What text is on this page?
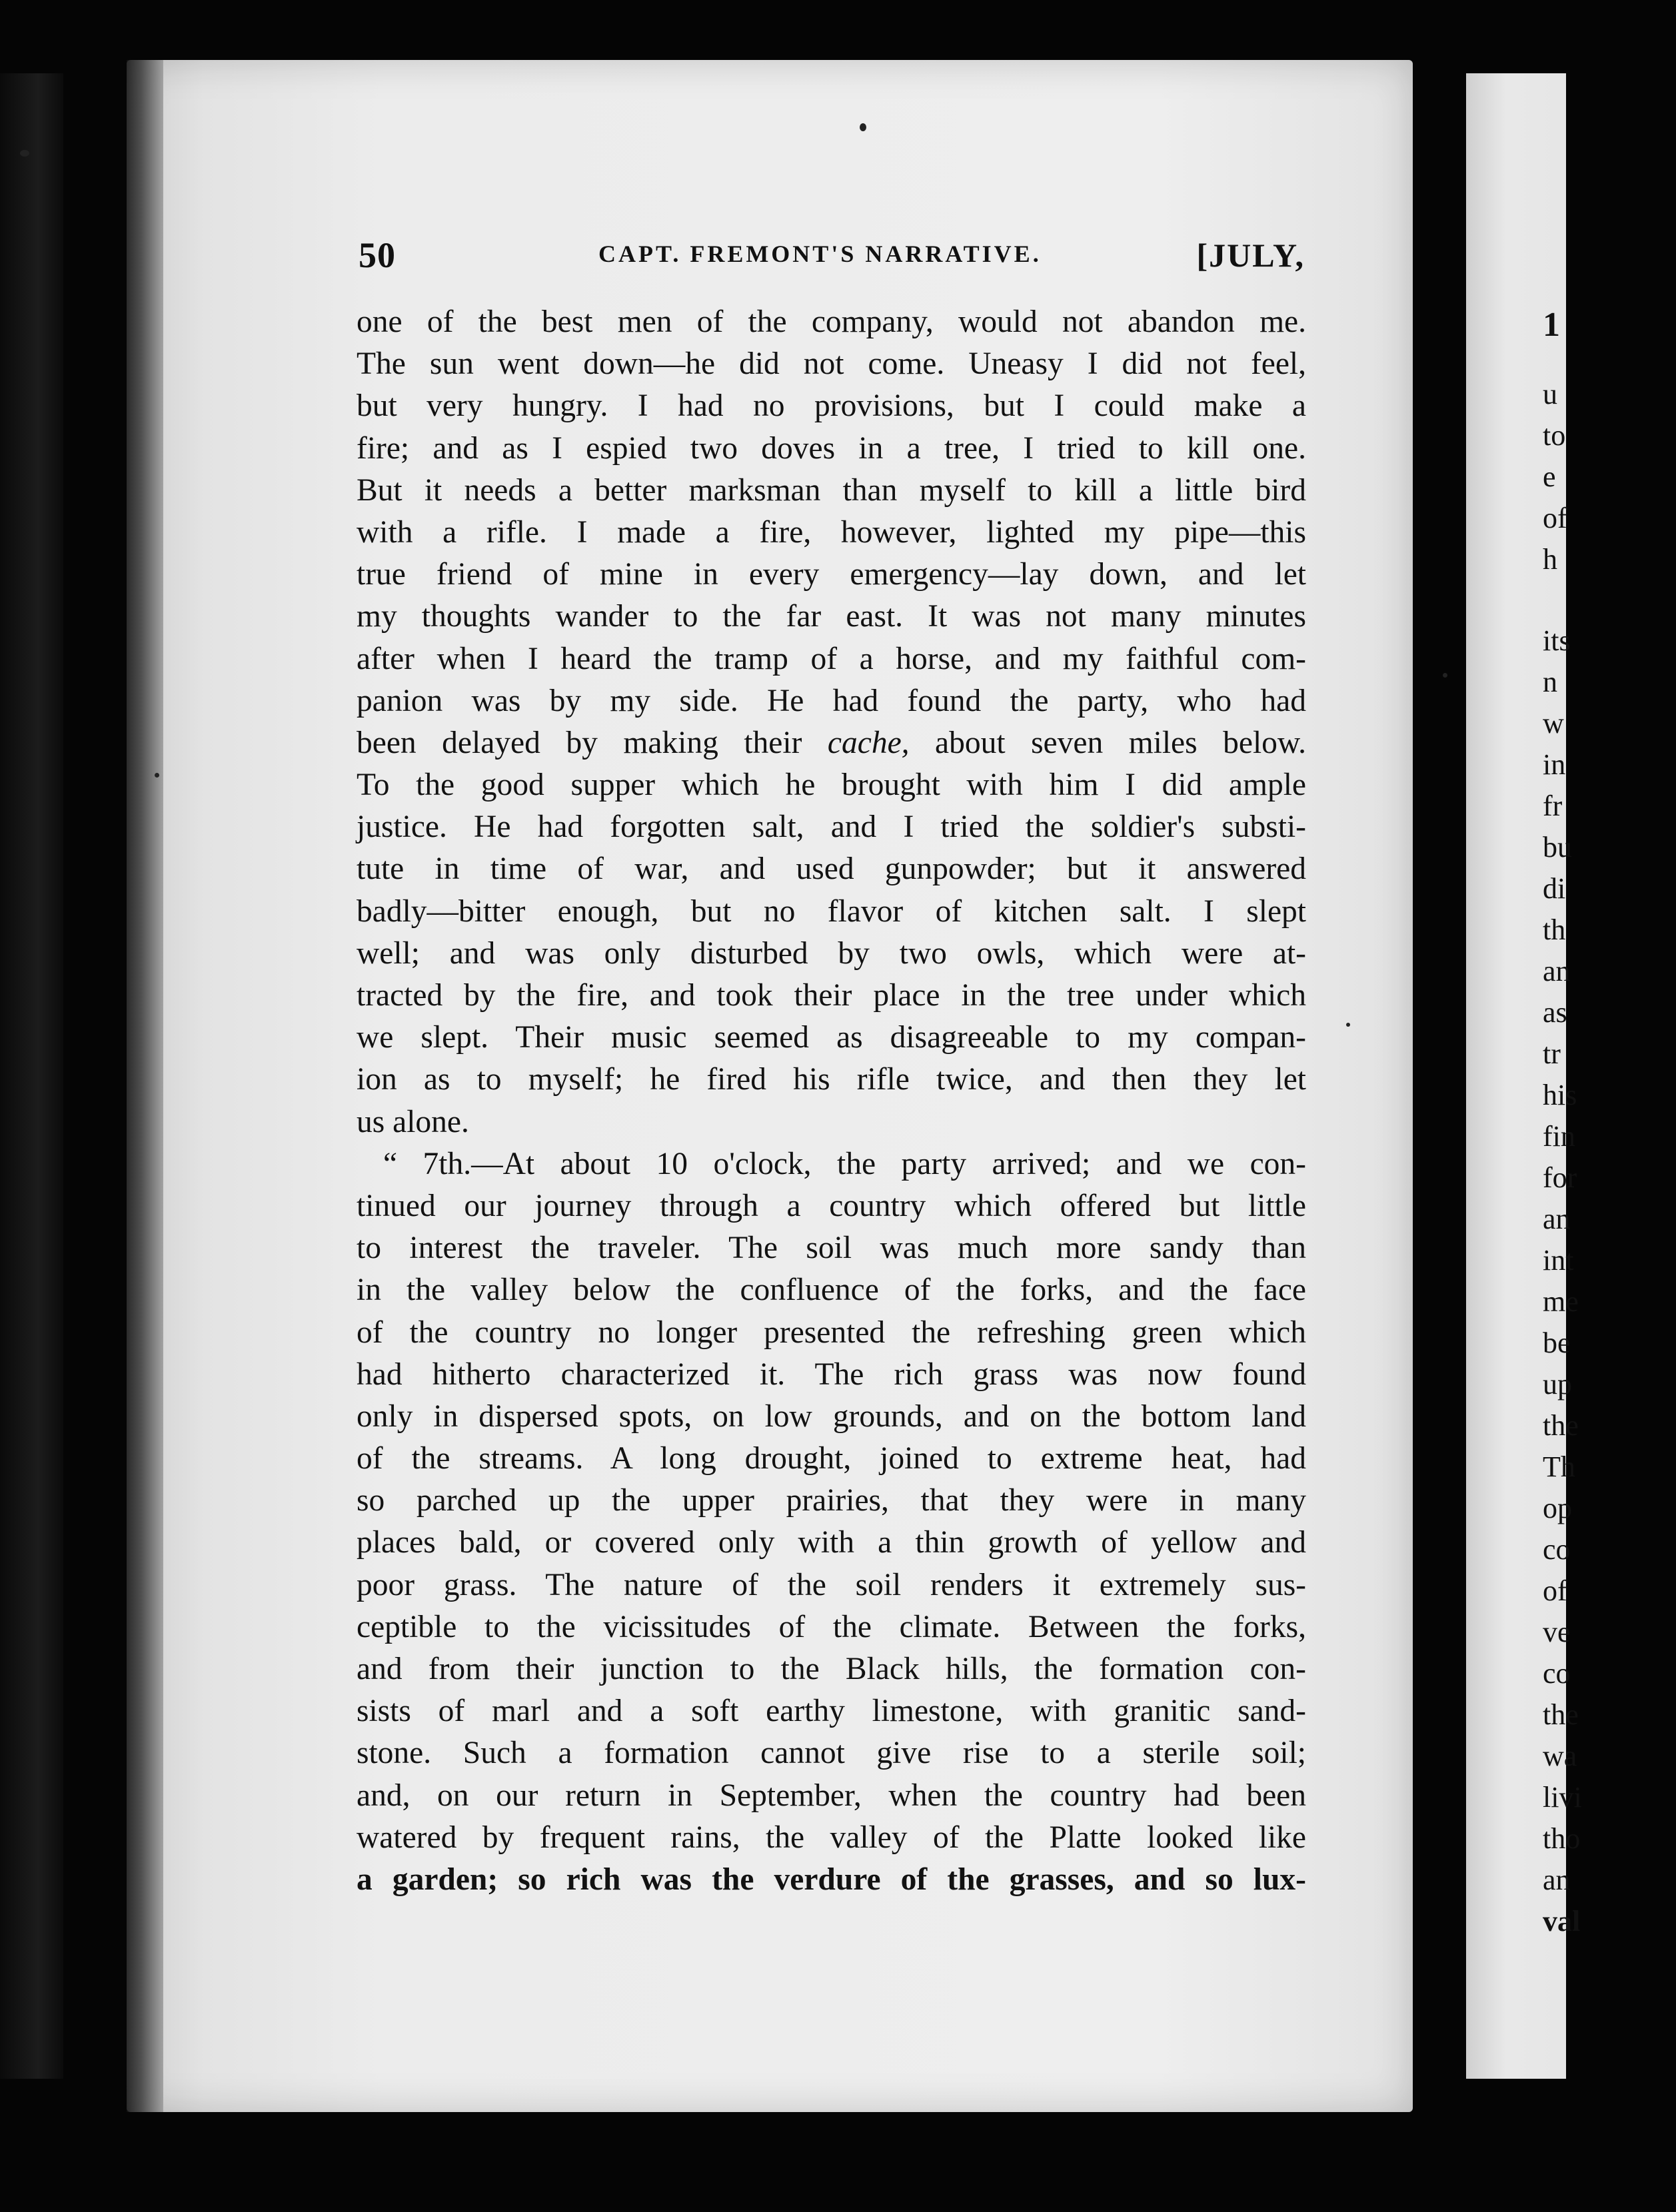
1
u
to
e
of
h
its
n
w
in
fr
bu
di
th
an
as
tr
his
fin
for
an
int
me
be
up
the
Th
op
co
of
ve
co
the
wa
livi
tho
an
val
50	CAPT. FREMONT'S NARRATIVE.	[JULY,
one of the best men of the company, would not abandon me.
The sun went down—he did not come. Uneasy I did not feel,
but very hungry. I had no provisions, but I could make a
fire; and as I espied two doves in a tree, I tried to kill one.
But it needs a better marksman than myself to kill a little bird
with a rifle. I made a fire, however, lighted my pipe—this
true friend of mine in every emergency—lay down, and let
my thoughts wander to the far east. It was not many minutes
after when I heard the tramp of a horse, and my faithful com-
panion was by my side. He had found the party, who had
been delayed by making their cache, about seven miles below.
To the good supper which he brought with him I did ample
justice. He had forgotten salt, and I tried the soldier's substi-
tute in time of war, and used gunpowder; but it answered
badly—bitter enough, but no flavor of kitchen salt. I slept
well; and was only disturbed by two owls, which were at-
tracted by the fire, and took their place in the tree under which
we slept. Their music seemed as disagreeable to my compan-
ion as to myself; he fired his rifle twice, and then they let
us alone.
“ 7th.—At about 10 o'clock, the party arrived; and we con-
tinued our journey through a country which offered but little
to interest the traveler. The soil was much more sandy than
in the valley below the confluence of the forks, and the face
of the country no longer presented the refreshing green which
had hitherto characterized it. The rich grass was now found
only in dispersed spots, on low grounds, and on the bottom land
of the streams. A long drought, joined to extreme heat, had
so parched up the upper prairies, that they were in many
places bald, or covered only with a thin growth of yellow and
poor grass. The nature of the soil renders it extremely sus-
ceptible to the vicissitudes of the climate. Between the forks,
and from their junction to the Black hills, the formation con-
sists of marl and a soft earthy limestone, with granitic sand-
stone. Such a formation cannot give rise to a sterile soil;
and, on our return in September, when the country had been
watered by frequent rains, the valley of the Platte looked like
a garden; so rich was the verdure of the grasses, and so lux-
